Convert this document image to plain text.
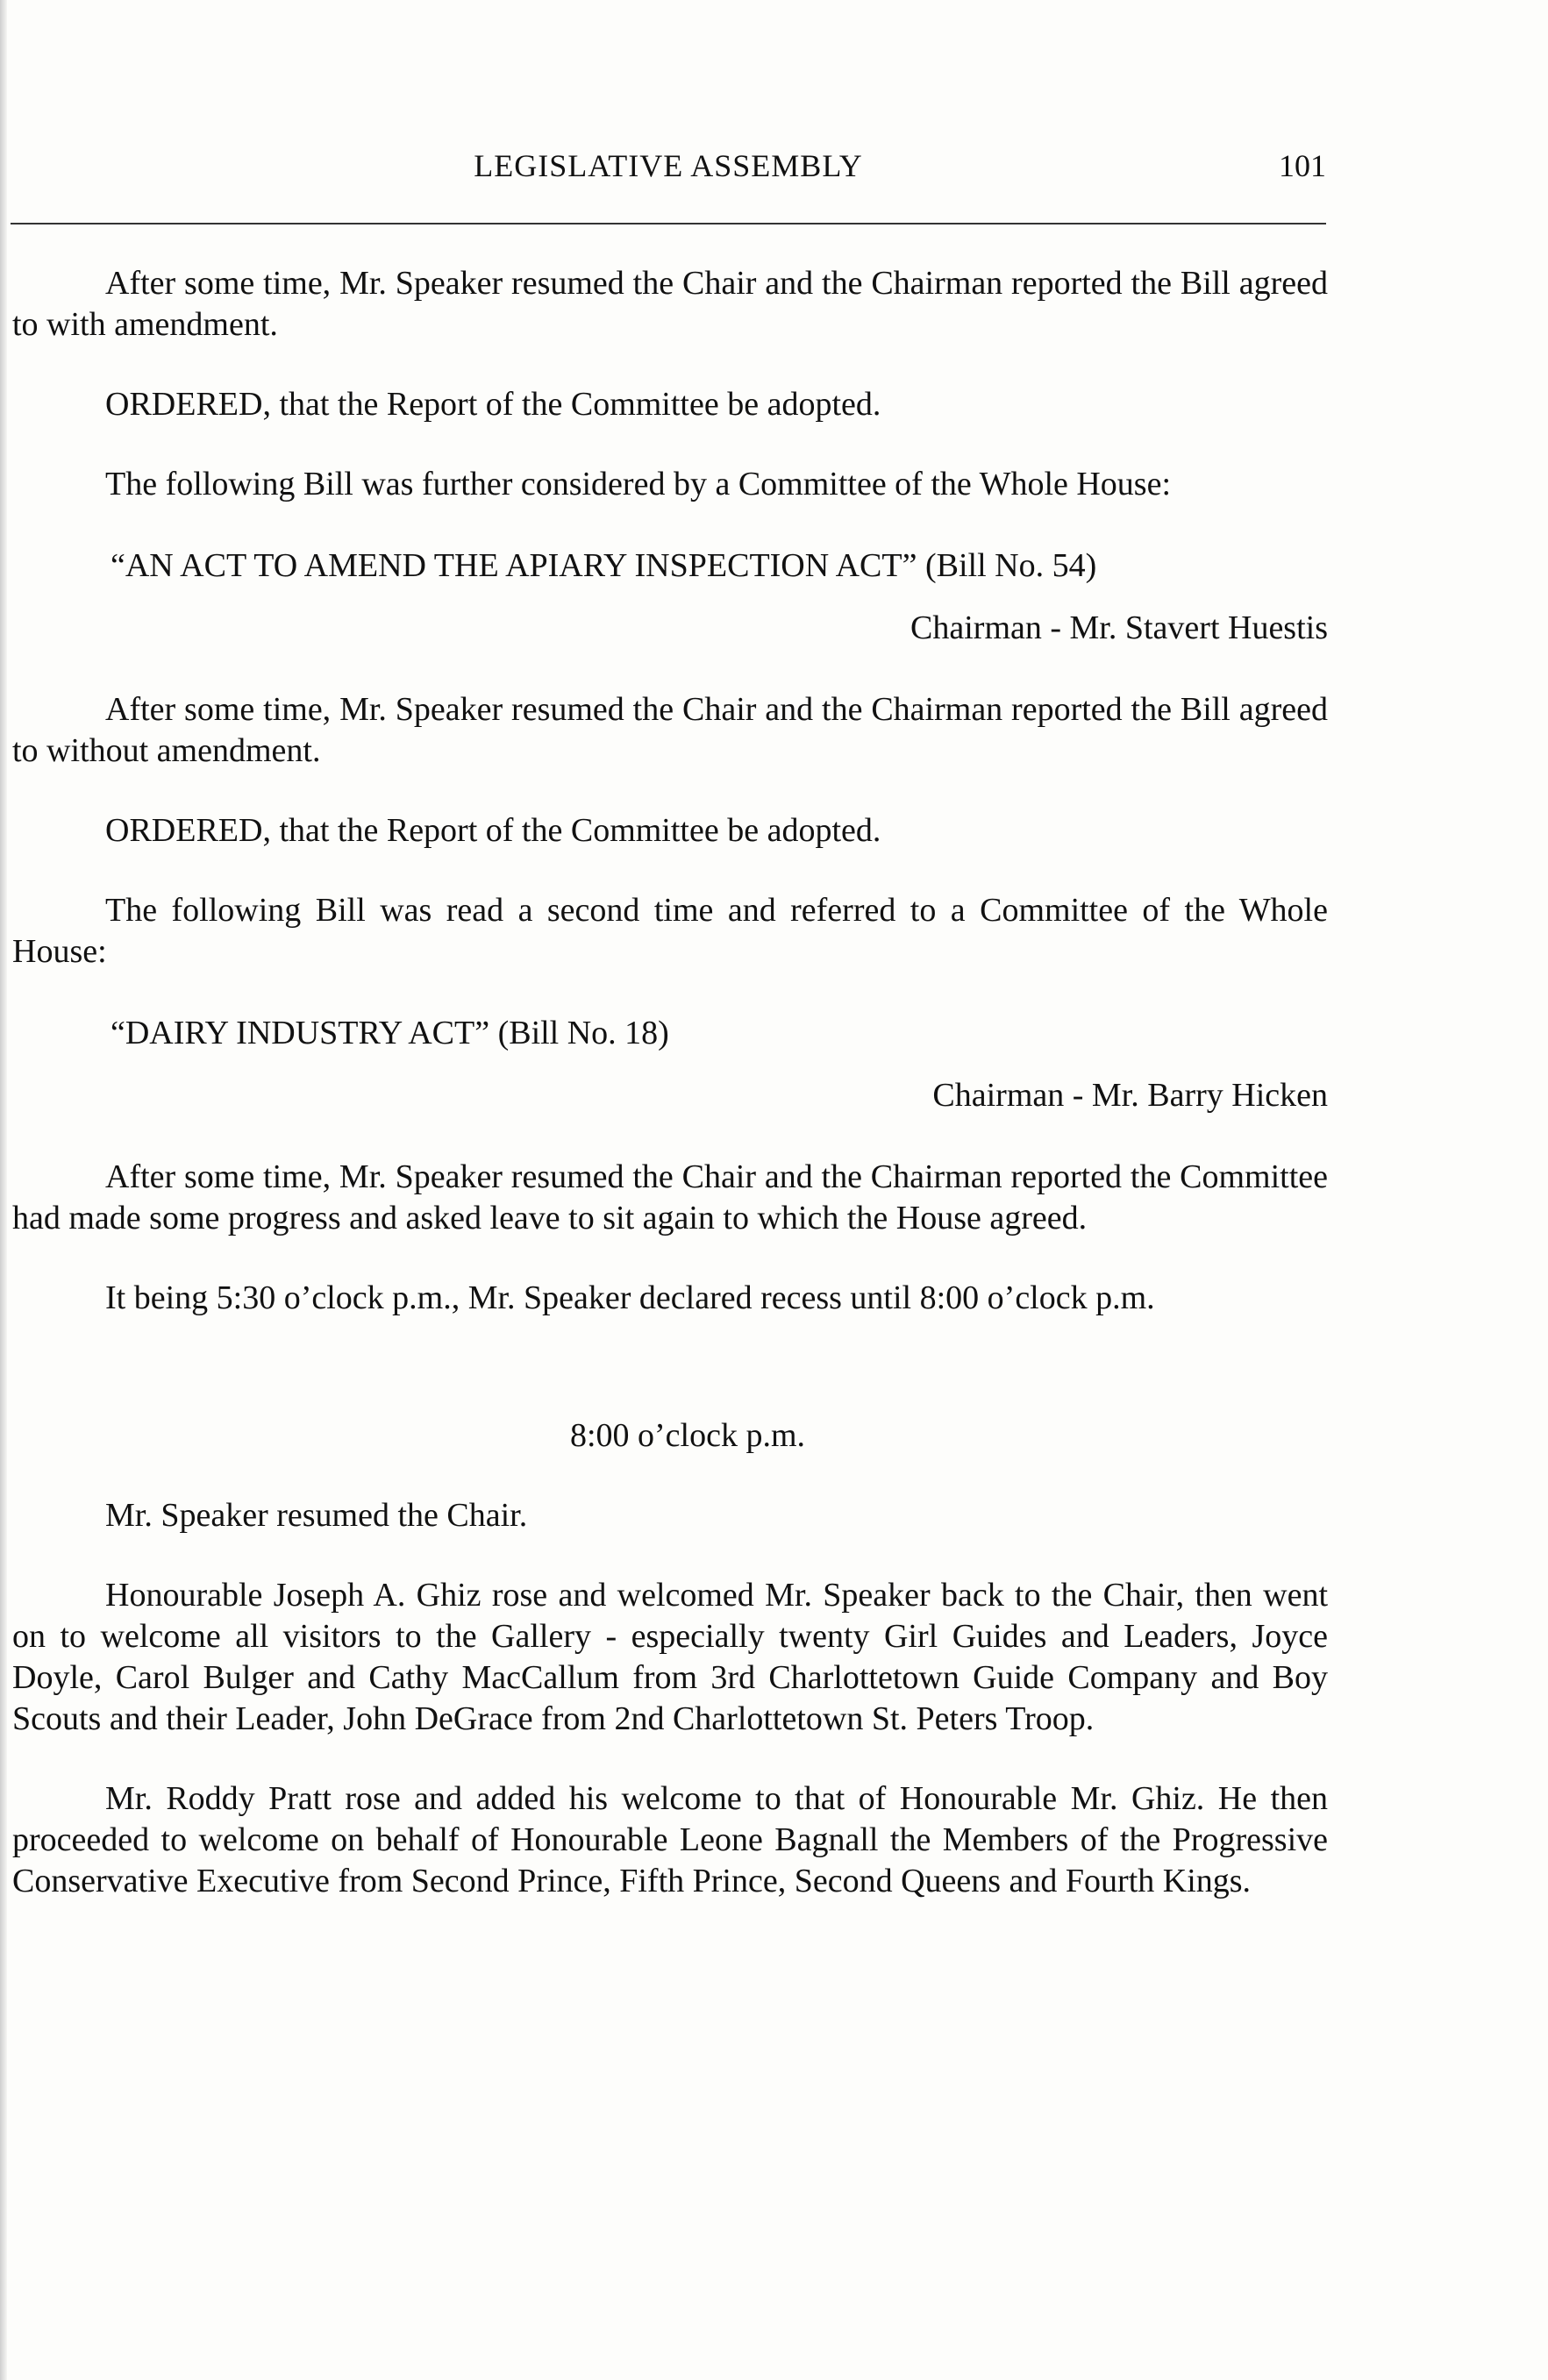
LEGISLATIVE ASSEMBLY	101

After some time, Mr. Speaker resumed the Chair and the Chairman reported the Bill agreed to with amendment.

ORDERED, that the Report of the Committee be adopted.

The following Bill was further considered by a Committee of the Whole House:

“AN ACT TO AMEND THE APIARY INSPECTION ACT” (Bill No. 54)

Chairman - Mr. Stavert Huestis

After some time, Mr. Speaker resumed the Chair and the Chairman reported the Bill agreed to without amendment.

ORDERED, that the Report of the Committee be adopted.

The following Bill was read a second time and referred to a Committee of the Whole House:

“DAIRY INDUSTRY ACT” (Bill No. 18)

Chairman - Mr. Barry Hicken

After some time, Mr. Speaker resumed the Chair and the Chairman reported the Committee had made some progress and asked leave to sit again to which the House agreed.

It being 5:30 o’clock p.m., Mr. Speaker declared recess until 8:00 o’clock p.m.

8:00 o’clock p.m.

Mr. Speaker resumed the Chair.

Honourable Joseph A. Ghiz rose and welcomed Mr. Speaker back to the Chair, then went on to welcome all visitors to the Gallery - especially twenty Girl Guides and Leaders, Joyce Doyle, Carol Bulger and Cathy MacCallum from 3rd Charlottetown Guide Company and Boy Scouts and their Leader, John DeGrace from 2nd Charlottetown St. Peters Troop.

Mr. Roddy Pratt rose and added his welcome to that of Honourable Mr. Ghiz. He then proceeded to welcome on behalf of Honourable Leone Bagnall the Members of the Progressive Conservative Executive from Second Prince, Fifth Prince, Second Queens and Fourth Kings.
